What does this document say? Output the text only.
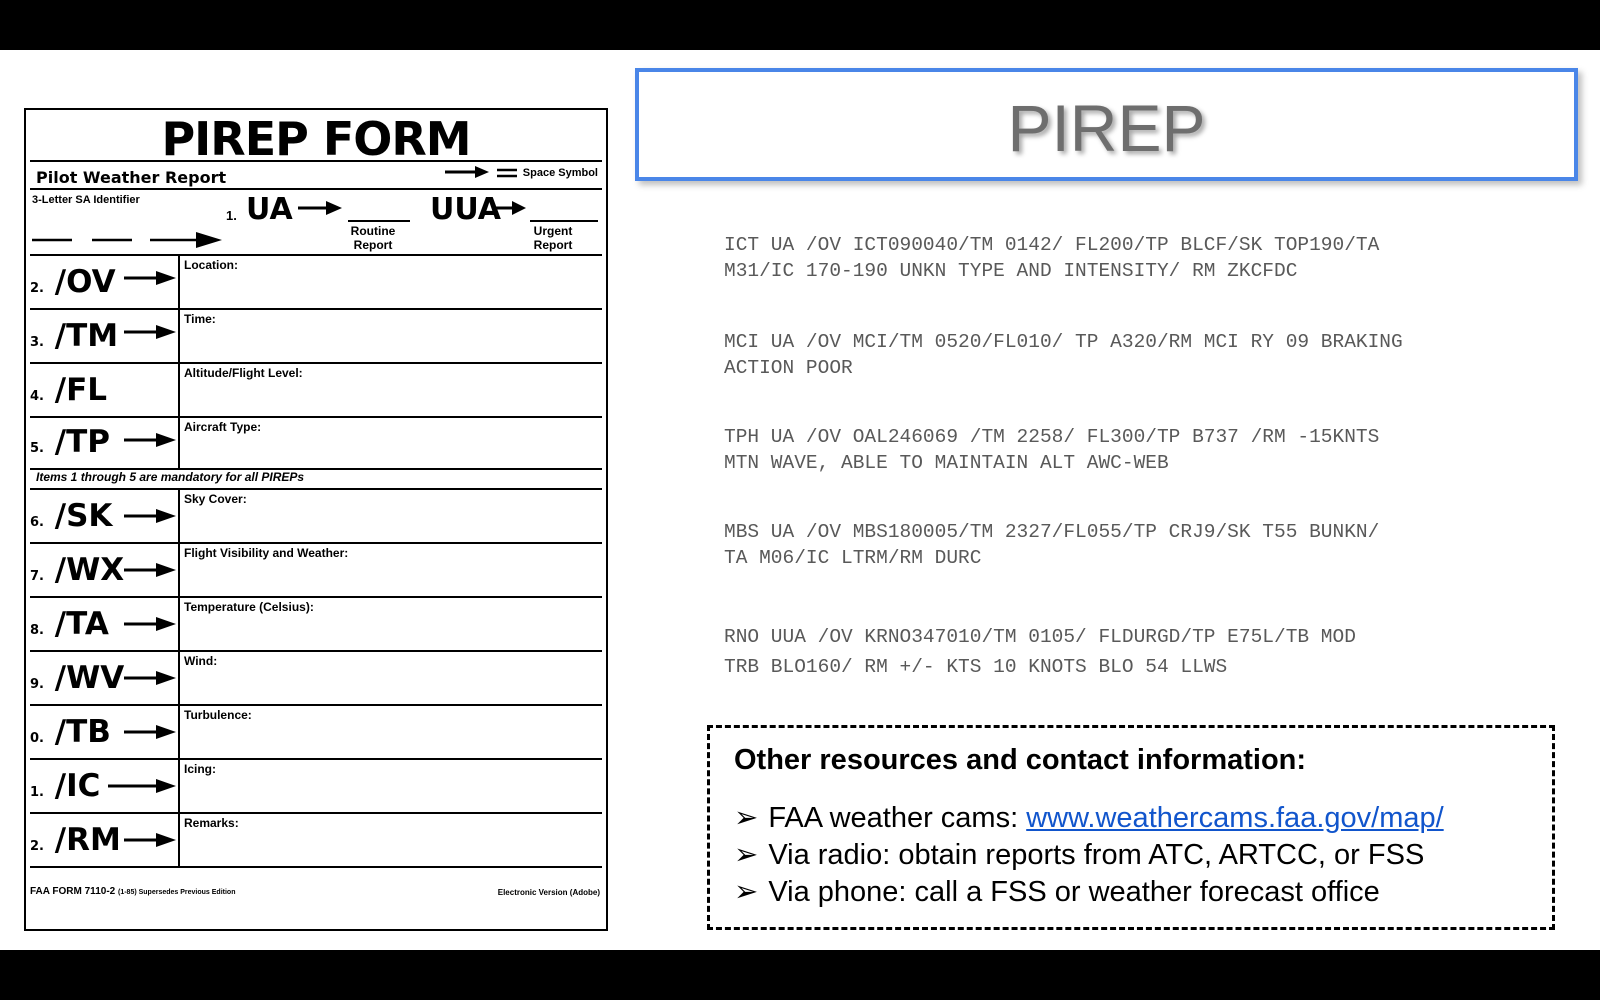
PIREP FORM
Pilot Weather Report	Space Symbol
3-Letter SA Identifier
1. UA
Routine Report
UUA
Urgent Report
2. /OV	Location:
3. /TM	Time:
4. /FL	Altitude/Flight Level:
5. /TP	Aircraft Type:
Items 1 through 5 are mandatory for all PIREPs
6. /SK	Sky Cover:
7. /WX	Flight Visibility and Weather:
8. /TA	Temperature (Celsius):
9. /WV	Wind:
0. /TB	Turbulence:
1. /IC	Icing:
2. /RM	Remarks:
FAA FORM 7110-2 (1-85) Supersedes Previous Edition	Electronic Version (Adobe)
PIREP
ICT UA /OV ICT090040/TM 0142/ FL200/TP BLCF/SK TOP190/TA
M31/IC 170-190 UNKN TYPE AND INTENSITY/ RM ZKCFDC
MCI UA /OV MCI/TM 0520/FL010/ TP A320/RM MCI RY 09 BRAKING
ACTION POOR
TPH UA /OV OAL246069 /TM 2258/ FL300/TP B737 /RM -15KNTS
MTN WAVE, ABLE TO MAINTAIN ALT AWC-WEB
MBS UA /OV MBS180005/TM 2327/FL055/TP CRJ9/SK T55 BUNKN/
TA M06/IC LTRM/RM DURC
RNO UUA /OV KRNO347010/TM 0105/ FLDURGD/TP E75L/TB MOD
TRB BLO160/ RM +/- KTS 10 KNOTS BLO 54 LLWS
Other resources and contact information:
➢ FAA weather cams: www.weathercams.faa.gov/map/
➢ Via radio: obtain reports from ATC, ARTCC, or FSS
➢ Via phone: call a FSS or weather forecast office
